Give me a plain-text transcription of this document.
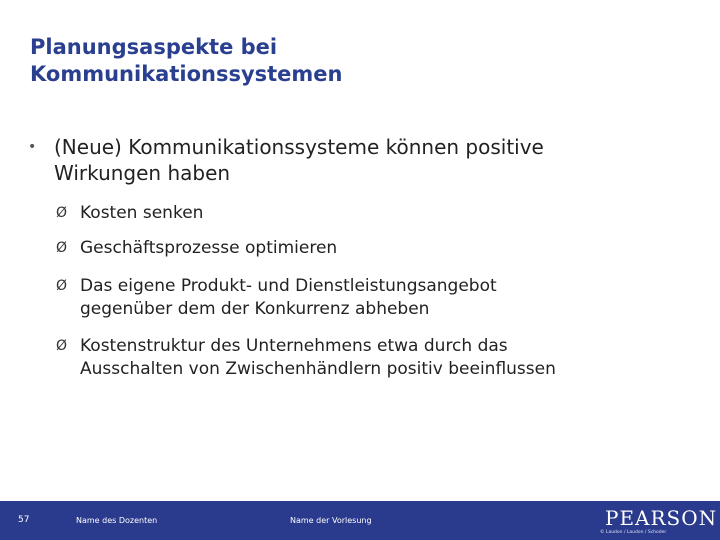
Planungsaspekte bei
Kommunikationssystemen
• (Neue) Kommunikationssysteme können positive
Wirkungen haben
Ø Kosten senken
Ø Geschäftsprozesse optimieren
Ø Das eigene Produkt- und Dienstleistungsangebot
gegenüber dem der Konkurrenz abheben
Ø Kostenstruktur des Unternehmens etwa durch das
Ausschalten von Zwischenhändlern positiv beeinflussen
57	Name des Dozenten	Name der Vorlesung	PEARSON
© Laudon / Laudon / Schoder
